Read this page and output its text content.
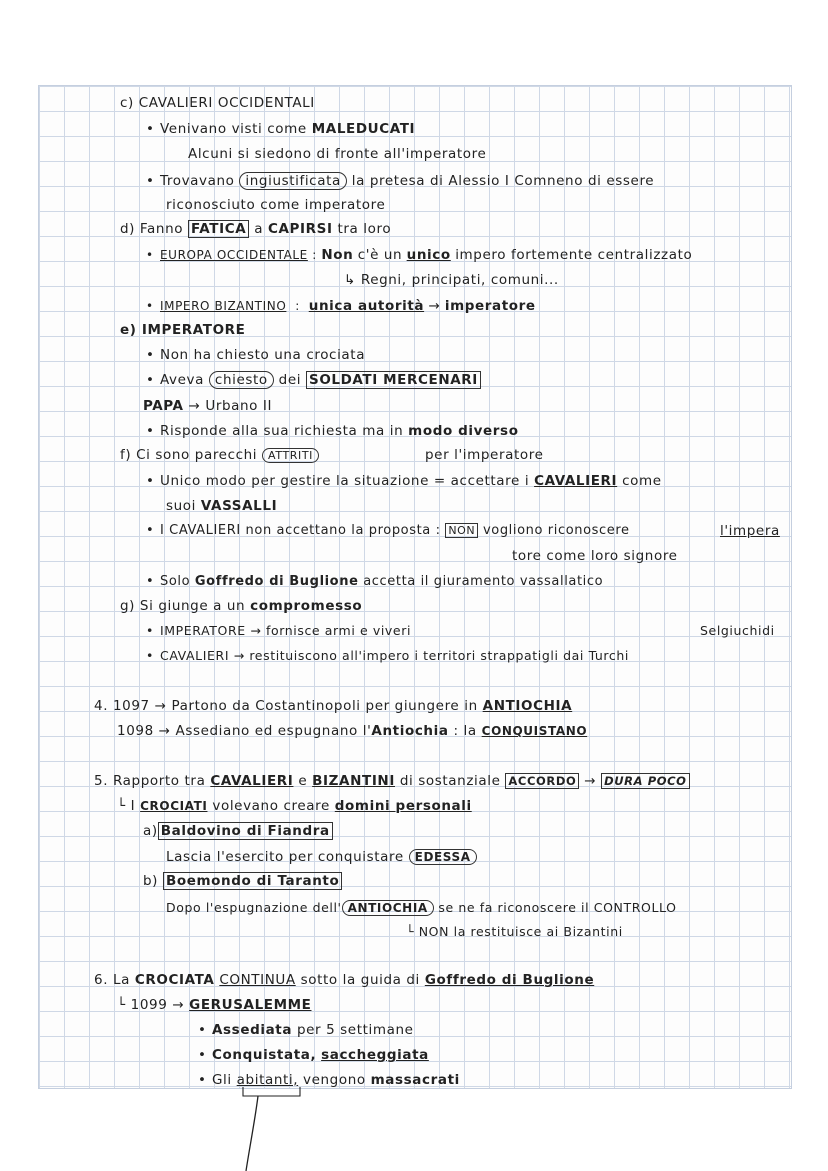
c) CAVALIERI OCCIDENTALI
• Venivano visti come MALEDUCATI
Alcuni si siedono di fronte all'imperatore
• Trovavano ingiustificata la pretesa di Alessio I Comneno di essere
riconosciuto come imperatore
d) Fanno FATICA a CAPIRSI tra loro
• EUROPA OCCIDENTALE : Non c'è un unico impero fortemente centralizzato
↳ Regni, principati, comuni...
• IMPERO BIZANTINO : unica autorità → imperatore
e) IMPERATORE
• Non ha chiesto una crociata
• Aveva chiesto dei SOLDATI MERCENARI
PAPA → Urbano II
• Risponde alla sua richiesta ma in modo diverso
f) Ci sono parecchi ATTRITI	per l'imperatore
• Unico modo per gestire la situazione = accettare i CAVALIERI come
suoi VASSALLI
• I CAVALIERI non accettano la proposta : NON vogliono riconoscere	l'impera
tore come loro signore
• Solo Goffredo di Buglione accetta il giuramento vassallatico
g) Si giunge a un compromesso
• IMPERATORE → fornisce armi e viveri	Selgiuchidi
• CAVALIERI → restituiscono all'impero i territori strappatigli dai Turchi
4. 1097 → Partono da Costantinopoli per giungere in ANTIOCHIA
1098 → Assediano ed espugnano l'Antiochia : la CONQUISTANO
5. Rapporto tra CAVALIERI e BIZANTINI di sostanziale ACCORDO → DURA POCO
└ I CROCIATI volevano creare domini personali
a) Baldovino di Fiandra
Lascia l'esercito per conquistare EDESSA
b) Boemondo di Taranto
Dopo l'espugnazione dell' ANTIOCHIA se ne fa riconoscere il CONTROLLO
└ NON la restituisce ai Bizantini
6. La CROCIATA CONTINUA sotto la guida di Goffredo di Buglione
└ 1099 → GERUSALEMME
• Assediata per 5 settimane
• Conquistata, saccheggiata
• Gli abitanti, vengono massacrati
